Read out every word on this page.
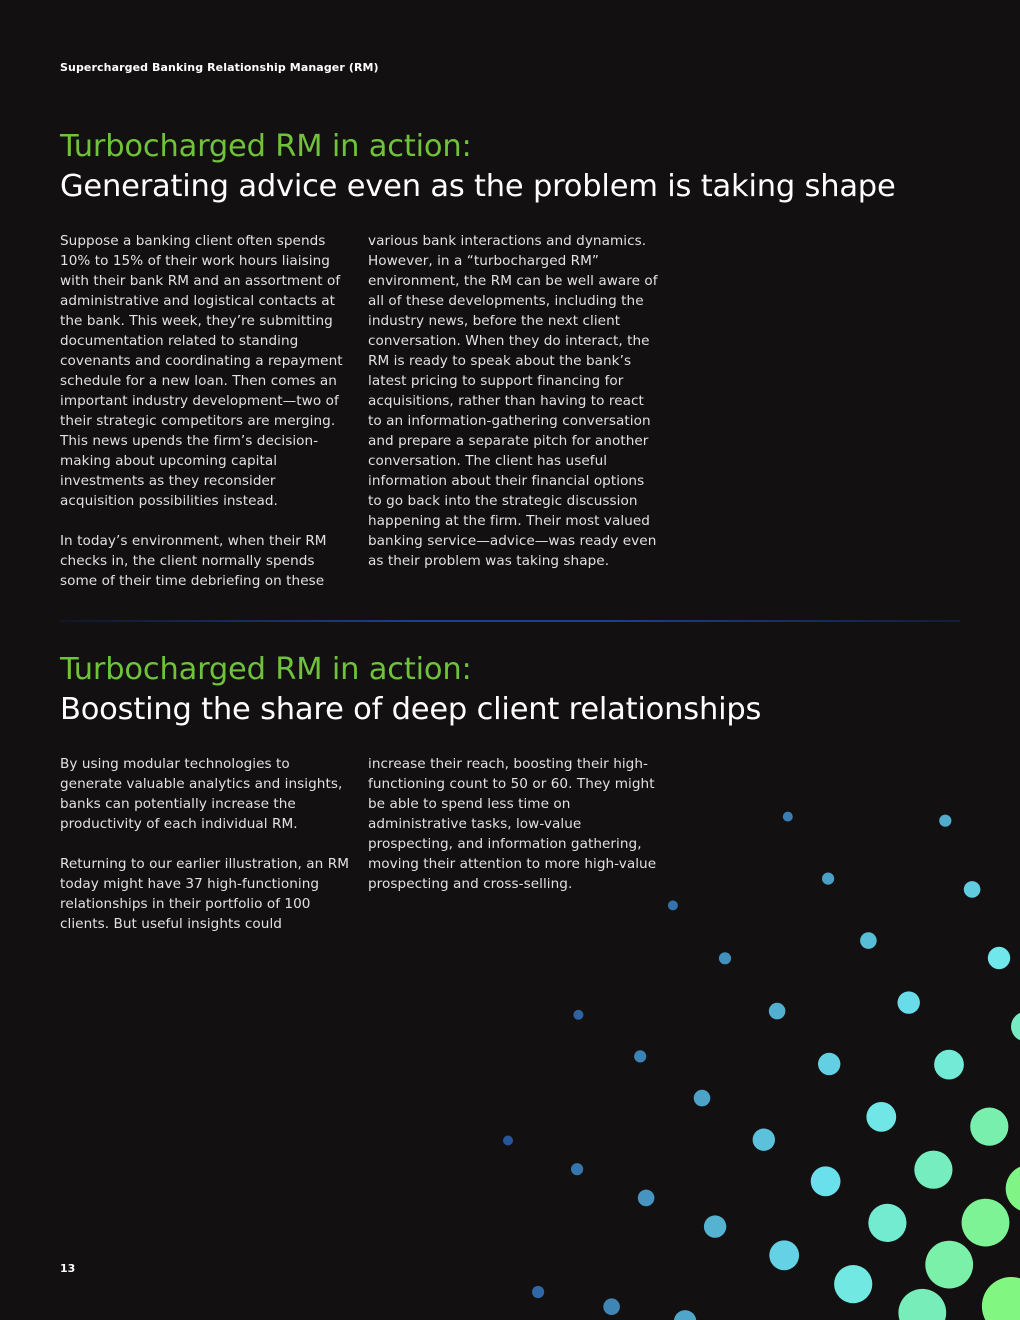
Supercharged Banking Relationship Manager (RM)
Turbocharged RM in action:
Generating advice even as the problem is taking shape

Suppose a banking client often spends 10% to 15% of their work hours liaising with their bank RM and an assortment of administrative and logistical contacts at the bank. This week, they’re submitting documentation related to standing covenants and coordinating a repayment schedule for a new loan. Then comes an important industry development—two of their strategic competitors are merging. This news upends the firm’s decision-making about upcoming capital investments as they reconsider acquisition possibilities instead.

In today’s environment, when their RM checks in, the client normally spends some of their time debriefing on these

various bank interactions and dynamics. However, in a “turbocharged RM” environment, the RM can be well aware of all of these developments, including the industry news, before the next client conversation. When they do interact, the RM is ready to speak about the bank’s latest pricing to support financing for acquisitions, rather than having to react to an information-gathering conversation and prepare a separate pitch for another conversation. The client has useful information about their financial options to go back into the strategic discussion happening at the firm. Their most valued banking service—advice—was ready even as their problem was taking shape.

Turbocharged RM in action:
Boosting the share of deep client relationships

By using modular technologies to generate valuable analytics and insights, banks can potentially increase the productivity of each individual RM.

Returning to our earlier illustration, an RM today might have 37 high-functioning relationships in their portfolio of 100 clients. But useful insights could

increase their reach, boosting their high-functioning count to 50 or 60. They might be able to spend less time on administrative tasks, low-value prospecting, and information gathering, moving their attention to more high-value prospecting and cross-selling.

13
